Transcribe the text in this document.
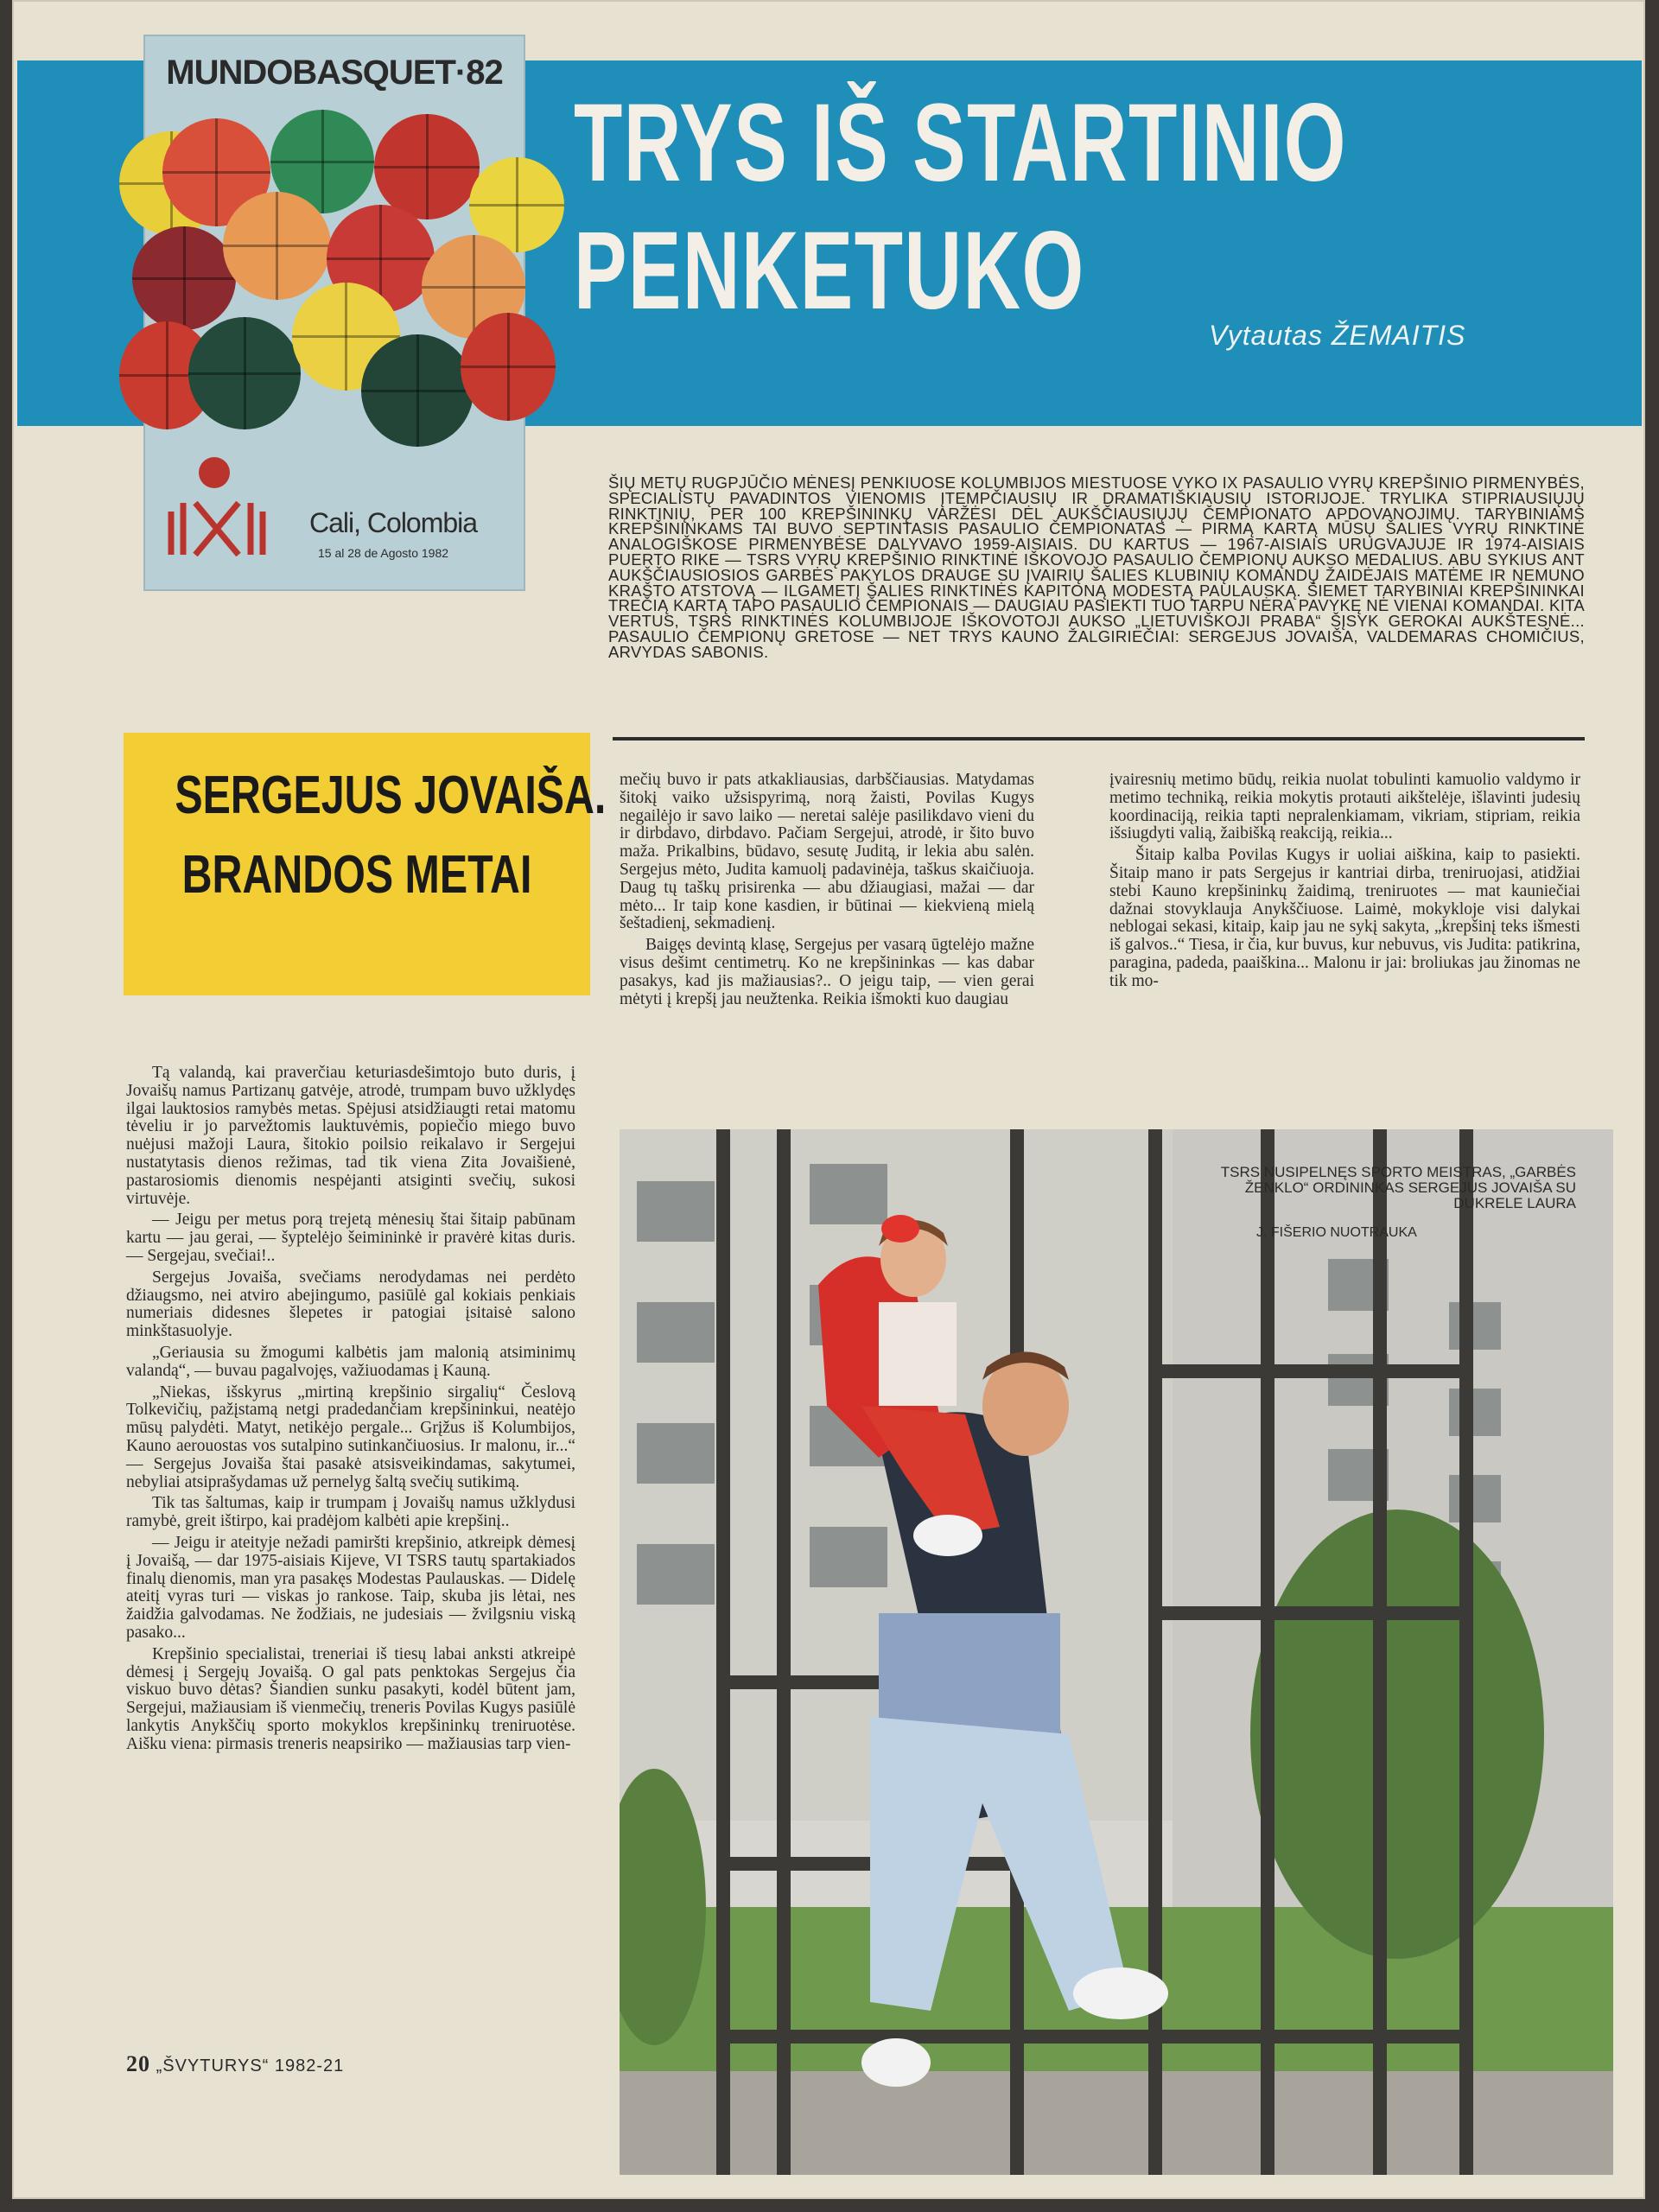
TRYS IŠ STARTINIO
PENKETUKO
Vytautas ŽEMAITIS
MUNDOBASQUET·82
Cali, Colombia
15 al 28 de Agosto 1982
ŠIŲ METŲ RUGPJŪČIO MĖNESĮ PENKIUOSE KOLUMBIJOS MIESTUOSE VYKO IX PASAULIO VYRŲ KREPŠINIO PIRMENYBĖS, SPECIALISTŲ PAVADINTOS VIENOMIS ĮTEMPČIAUSIŲ IR DRAMATIŠKIAUSIŲ ISTORIJOJE. TRYLIKA STIPRIAUSIŲJŲ RINKTINIŲ, PER 100 KREPŠININKŲ VARŽĖSI DĖL AUKŠČIAUSIŲJŲ ČEMPIONATO APDOVANOJIMŲ. TARYBINIAMS KREPŠININKAMS TAI BUVO SEPTINTASIS PASAULIO ČEMPIONATAS — PIRMĄ KARTĄ MŪSŲ ŠALIES VYRŲ RINKTINĖ ANALOGIŠKOSE PIRMENYBĖSE DALYVAVO 1959-AISIAIS. DU KARTUS — 1967-AISIAIS URUGVAJUJE IR 1974-AISIAIS PUERTO RIKE — TSRS VYRŲ KREPŠINIO RINKTINĖ IŠKOVOJO PASAULIO ČEMPIONŲ AUKSO MEDALIUS. ABU SYKIUS ANT AUKŠČIAUSIOSIOS GARBĖS PAKYLOS DRAUGE SU ĮVAIRIŲ ŠALIES KLUBINIŲ KOMANDŲ ŽAIDĖJAIS MATĖME IR NEMUNO KRAŠTO ATSTOVĄ — ILGAMETĮ ŠALIES RINKTINĖS KAPITONĄ MODESTĄ PAULAUSKĄ. ŠIEMET TARYBINIAI KREPŠININKAI TREČIĄ KARTĄ TAPO PASAULIO ČEMPIONAIS — DAUGIAU PASIEKTI TUO TARPU NĖRA PAVYKĘ NĖ VIENAI KOMANDAI. KITA VERTUS, TSRS RINKTINĖS KOLUMBIJOJE IŠKOVOTOJI AUKSO „LIETUVIŠKOJI PRABA“ ŠĮSYK GEROKAI AUKŠTESNĖ... PASAULIO ČEMPIONŲ GRETOSE — NET TRYS KAUNO ŽALGIRIEČIAI: SERGEJUS JOVAIŠA, VALDEMARAS CHOMIČIUS, ARVYDAS SABONIS.
SERGEJUS JOVAIŠA.
BRANDOS METAI

Tą valandą, kai praverčiau keturiasdešimtojo buto duris, į Jovaišų namus Partizanų gatvėje, atrodė, trumpam buvo užklydęs ilgai lauktosios ramybės metas. Spėjusi atsidžiaugti retai matomu tėveliu ir jo parvežtomis lauktuvėmis, popiečio miego buvo nuėjusi mažoji Laura, šitokio poilsio reikalavo ir Sergejui nustatytasis dienos režimas, tad tik viena Zita Jovaišienė, pastarosiomis dienomis nespėjanti atsiginti svečių, sukosi virtuvėje.

— Jeigu per metus porą trejetą mėnesių štai šitaip pabūnam kartu — jau gerai, — šyptelėjo šeimininkė ir pravėrė kitas duris. — Sergejau, svečiai!..

Sergejus Jovaiša, svečiams nerodydamas nei perdėto džiaugsmo, nei atviro abejingumo, pasiūlė gal kokiais penkiais numeriais didesnes šlepetes ir patogiai įsitaisė salono minkštasuolyje.

„Geriausia su žmogumi kalbėtis jam malonią atsiminimų valandą“, — buvau pagalvojęs, važiuodamas į Kauną.

„Niekas, išskyrus „mirtiną krepšinio sirgalių“ Česlovą Tolkevičių, pažįstamą netgi pradedančiam krepšininkui, neatėjo mūsų palydėti. Matyt, netikėjo pergale... Grįžus iš Kolumbijos, Kauno aerouostas vos sutalpino sutinkančiuosius. Ir malonu, ir...“ — Sergejus Jovaiša štai pasakė atsisveikindamas, sakytumei, nebyliai atsiprašydamas už pernelyg šaltą svečių sutikimą.

Tik tas šaltumas, kaip ir trumpam į Jovaišų namus užklydusi ramybė, greit ištirpo, kai pradėjom kalbėti apie krepšinį..

— Jeigu ir ateityje nežadi pamiršti krepšinio, atkreipk dėmesį į Jovaišą, — dar 1975-aisiais Kijeve, VI TSRS tautų spartakiados finalų dienomis, man yra pasakęs Modestas Paulauskas. — Didelę ateitį vyras turi — viskas jo rankose. Taip, skuba jis lėtai, nes žaidžia galvodamas. Ne žodžiais, ne judesiais — žvilgsniu viską pasako...

Krepšinio specialistai, treneriai iš tiesų labai anksti atkreipė dėmesį į Sergejų Jovaišą. O gal pats penktokas Sergejus čia viskuo buvo dėtas? Šiandien sunku pasakyti, kodėl būtent jam, Sergejui, mažiausiam iš vienmečių, treneris Povilas Kugys pasiūlė lankytis Anykščių sporto mokyklos krepšininkų treniruotėse. Aišku viena: pirmasis treneris neapsiriko — mažiausias tarp vien-

mečių buvo ir pats atkakliausias, darbščiausias. Matydamas šitokį vaiko užsispyrimą, norą žaisti, Povilas Kugys negailėjo ir savo laiko — neretai salėje pasilikdavo vieni du ir dirbdavo, dirbdavo. Pačiam Sergejui, atrodė, ir šito buvo maža. Prikalbins, būdavo, sesutę Juditą, ir lekia abu salėn. Sergejus mėto, Judita kamuolį padavinėja, taškus skaičiuoja. Daug tų taškų prisirenka — abu džiaugiasi, mažai — dar mėto... Ir taip kone kasdien, ir būtinai — kiekvieną mielą šeštadienį, sekmadienį.

Baigęs devintą klasę, Sergejus per vasarą ūgtelėjo mažne visus dešimt centimetrų. Ko ne krepšininkas — kas dabar pasakys, kad jis mažiausias?.. O jeigu taip, — vien gerai mėtyti į krepšį jau neužtenka. Reikia išmokti kuo daugiau

įvairesnių metimo būdų, reikia nuolat tobulinti kamuolio valdymo ir metimo techniką, reikia mokytis protauti aikštelėje, išlavinti judesių koordinaciją, reikia tapti nepralenkiamam, vikriam, stipriam, reikia išsiugdyti valią, žaibišką reakciją, reikia...

Šitaip kalba Povilas Kugys ir uoliai aiškina, kaip to pasiekti. Šitaip mano ir pats Sergejus ir kantriai dirba, treniruojasi, atidžiai stebi Kauno krepšininkų žaidimą, treniruotes — mat kauniečiai dažnai stovyklauja Anykščiuose. Laimė, mokykloje visi dalykai neblogai sekasi, kitaip, kaip jau ne sykį sakyta, „krepšinį teks išmesti iš galvos..“ Tiesa, ir čia, kur buvus, kur nebuvus, vis Judita: patikrina, paragina, padeda, paaiškina... Malonu ir jai: broliukas jau žinomas ne tik mo-

TSRS NUSIPELNĘS SPORTO MEISTRAS, „GARBĖS ŽENKLO“ ORDININKAS SERGEJUS JOVAIŠA SU DUKRELE LAURA
J. FIŠERIO NUOTRAUKA
20 „ŠVYTURYS“ 1982-21
